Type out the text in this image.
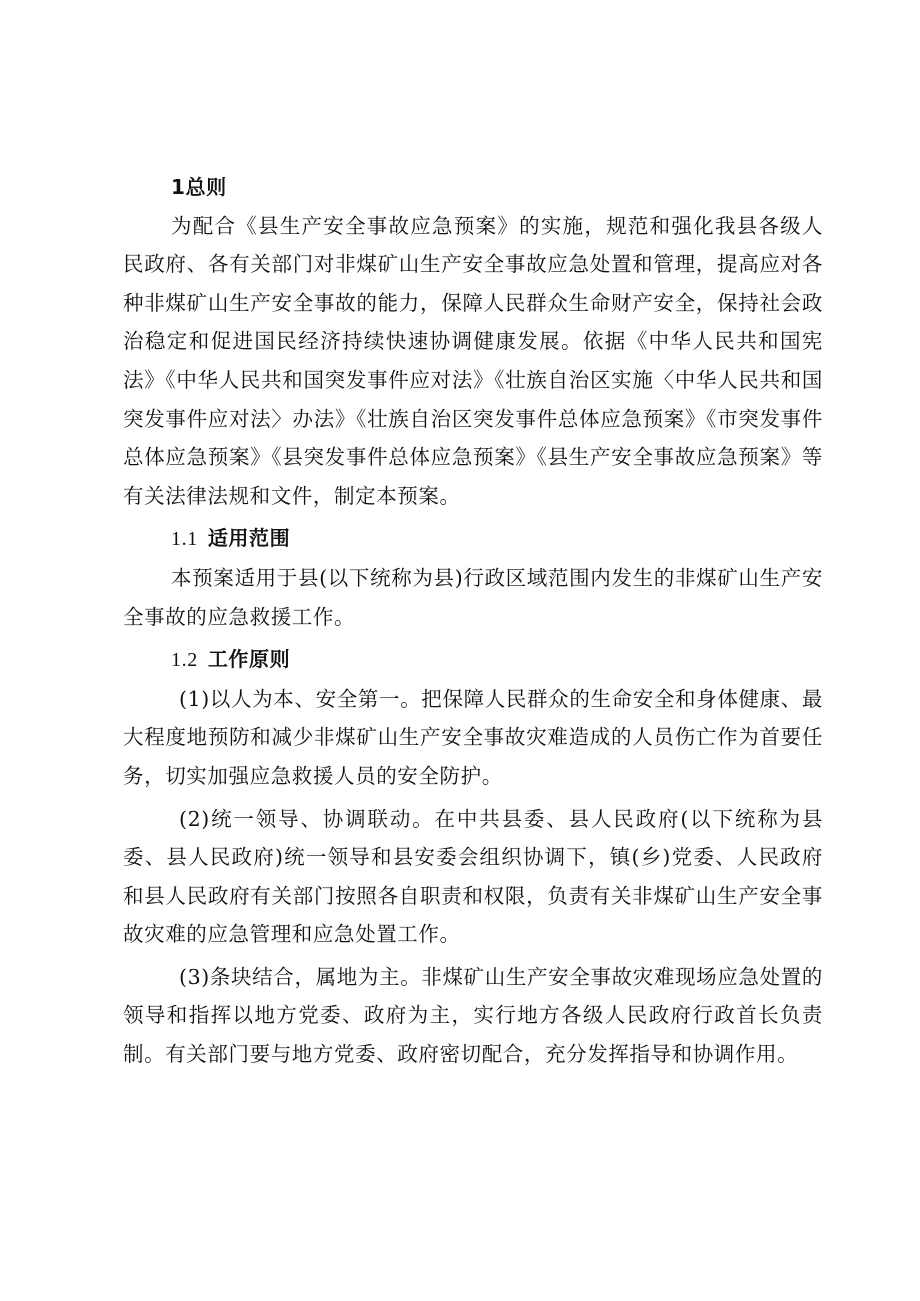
1总则

为配合《县生产安全事故应急预案》的实施，规范和强化我县各级人民政府、各有关部门对非煤矿山生产安全事故应急处置和管理，提高应对各种非煤矿山生产安全事故的能力，保障人民群众生命财产安全，保持社会政治稳定和促进国民经济持续快速协调健康发展。依据《中华人民共和国宪法》《中华人民共和国突发事件应对法》《壮族自治区实施〈中华人民共和国突发事件应对法〉办法》《壮族自治区突发事件总体应急预案》《市突发事件总体应急预案》《县突发事件总体应急预案》《县生产安全事故应急预案》等有关法律法规和文件，制定本预案。

1.1 适用范围

本预案适用于县(以下统称为县)行政区域范围内发生的非煤矿山生产安全事故的应急救援工作。

1.2 工作原则

(1)以人为本、安全第一。把保障人民群众的生命安全和身体健康、最大程度地预防和减少非煤矿山生产安全事故灾难造成的人员伤亡作为首要任务，切实加强应急救援人员的安全防护。

(2)统一领导、协调联动。在中共县委、县人民政府(以下统称为县委、县人民政府)统一领导和县安委会组织协调下，镇(乡)党委、人民政府和县人民政府有关部门按照各自职责和权限，负责有关非煤矿山生产安全事故灾难的应急管理和应急处置工作。

(3)条块结合，属地为主。非煤矿山生产安全事故灾难现场应急处置的领导和指挥以地方党委、政府为主，实行地方各级人民政府行政首长负责制。有关部门要与地方党委、政府密切配合，充分发挥指导和协调作用。
